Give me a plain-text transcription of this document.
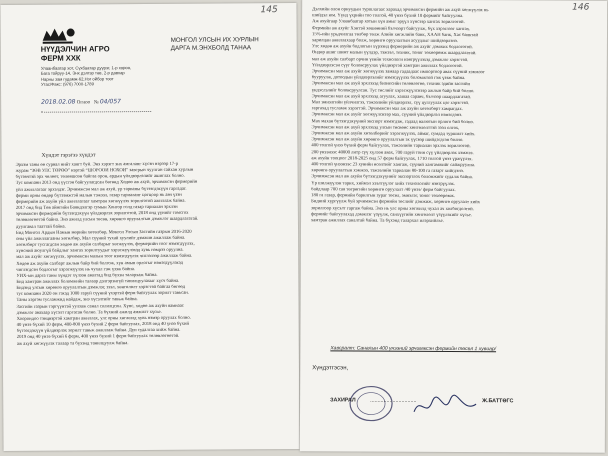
145
НҮҮДЭЛЧИН АГРО
ФЕРМ ХХК
Улаанбаатар хот, Сүхбаатар дүүрэг, 1-р хороо,
Бага тойруу-14, Энх дэлгэр төв, 2-р давхар
Нарны зам гудамж-62,Нэг ойбор тоот
Утас/Факс: (976) 7000-1789
2018.02.08 Огноо № 04/057
МОНГОЛ УЛСЫН ИХ ХУРЛЫН
ДАРГА М.ЭНХБОЛД ТАНАА
Хүндэт гэрэгээ хүндэт
Эрхэм таны өө сурвал нийт хаягт буй. Энэ хэрэгт энх амгаланг хүсэн нэрээр 17-р
журам “ЗӨВ УЛС ТӨРӨӨ” нэртэй “ШОРООЙ НОХОЙ” завсрын чуулган сайхан хурлын
бүтэвчтэй эрх чөлөөт, төлөвшсөн байгаа орон, ардын үйлдвэрлэлийг ашиглах болно.
Тус компани 2013 онд үүсгэн байгуулагдсан бөгөөд Хөдөө аж ахуй, эрчимжсэн фермерийн
үйл ажиллагааг эрхэлдэг. Эрчимжсэн мал аж ахуй, үр тарианы бүтээгдэхүүн гаргадаг.
ферми орны өндөр бүтээмжтэй малын тэжээл, газар тариаланг цогцоор нь авч үзэн
фермерийн аж ахуйн үйл ажиллагааг хамтран хөгжүүлэх зорилготой ажиллаж байна.
2017 онд бид Төв аймгийн Баяндэлгэр сумын Хонгор голд газар тариалан эрхлэн
эрчимжсэн фермерийн бүтээгдэхүүн үйлдвэрлэх зорилготой, 2018 онд үүнийг томсгох
төлөвлөгөөтэй байна. Энэ ажилд улсын төсөв, хөрөнгө оруулалтын дэмжлэг шаардлагатай.
дуулгавал тааттай байна.
Бид Монгол Ардын Намын мөрийн хөтөлбөр, Монгол Улсын Засгийн газрын 2016-2020
оны үйл ажиллагааны хөтөлбөр, Мал сүүний тухай хуулийг дэмжин ажиллаж байна.
хөтөлбөрт тусгагдсан хөдөө аж ахуйн салбарыг хөгжүүлэх, фермерийн тоог нэмэгдүүлэх,
хүнсний аюулгүй байдлыг хангах зорилтуудыг хэрэгжүүлэхэд хувь нэмрээ оруулна.
мал аж ахуйг хөгжүүлэх, эрчимжсэн малын тоог нэмэгдүүлэх чиглэлээр ажиллаж байна.
Хөдөө аж ахуйн салбарт ажлын байр бий болгож, хүн амын орлогыг нэмэгдүүлэхэд
чиглэгдсэн бодлогыг хэрэгжүүлэх нь чухал гэж үзэж байна.
УИХ-ын дарга таны хүндэт хүлээн авалтад бид бүхэн талархаж байна.
Бид хамтран ажиллах боломжийн талаар дэлгэрэнгүй танилцуулахыг хүсч байна.
Бидэнд улсын хөрөнгө оруулалтын дэмжлэг, зээл, хөнгөлөлт хэрэгтэй байгаа бөгөөд
тус компани 2020 он гэхэд 1000 гаруй сүүний үхэртэй ферм байгуулах зорилт тавьсан.
Таны хэргэм тусламжид найдаж, энэ хүсэлтийг тавьж байна.
Засгийн газрын тэргүүнтэй уулзаж санал солилцсон. Хүнс, хөдөө аж ахуйн яамнаас
дэмжлэг авахаар хүсэлт гаргасан болно. Та бүхний ажилд амжилт хүсье.
Хоорондоо тэнцвэртэй хамтран ажиллах, улс орны хөгжилд хувь нэмэр оруулах болно.
40 үнээ бүхий 10 ферм, 400-800 үнээ бүхий 2 ферм байгуулах, 2018 онд 40 үнээ бүхий
бүтээгдэхүүн үйлдвэрлэх зорилт тавьж ажиллаж байна. Дүн судалгаа хийж байна.
2019 онд 40 үнээ бүхий 6 ферм, 400 үнээ бүхий 1 ферм байгуулах төлөвлөгөөтэй.
аж ахуй хөгжүүлэх талаар та бүхэнд танилцуулж байна.
146
Дэлхийн олон орнуудын туршлагаас харахад эрчимжсэн фермийн аж ахуй хөгжүүлэх нь
шийдэл юм. Үүнд үхрийн тоо толгой, 40 үнээ бүхий 10 фермийг байгуулна.
Аж ахуйгаар Улаанбаатар хотын хүн амыг эрүүл хүнсээр хангах зорилготой.
Фермийн аж ахуйг Хэнтэй хөшөөний бэлчээрт байгуулж, бүх хэрэглээг хангах.
15%-ийн урьдчилгаа төлбөр төлж Азийн хөгжлийн банк, ХААН банк, Хас банктай
харилцан ажиллахаар болж, хөрөнгө оруулалтын асуудлыг шийдвэрлэнэ.
Улс хөдөө аж ахуйн бодлогын хүрээнд фермерийн аж ахуйг дэмжих бодлоготой.
Өндөр ашиг шимт малын үүлдэр, тэжээл, техник, тоног төхөөрөмж шаардлагатай.
мал аж ахуйн салбарт орчин үеийн технологи нэвтрүүлэхэд дэмжлэг хэрэгтэй.
Үйлдвэрлэсэн сүүг боловсруулах үйлдвэртэй хамтран ажиллах бодлоготой.
Эрчимжсэн мал аж ахуйг хөгжүүлэх замаар гадаадаас импортоор авах сүүний хэмжээг
бууруулж, дотоодын үйлдвэрлэлийг нэмэгдүүлэх боломжтой гэж үзэж байна.
Эрчимжсэн мал аж ахуй эрхлэхэд бизнесийн төлөвлөгөө, техник эдийн засгийн
үндэслэлийг боловсруулсан. Тус төслийг хэрэгжүүлснээр ажлын байр бий болно.
Эрчимжсэн мал аж ахуй эрхлэхэд агуулах, хашаа саравч, бэлчээр шаардлагатай.
Мал эмнэлгийн үйлчилгээ, тэжээлийн үйлдвэрлэл, сүү цуглуулах цэг хэрэгтэй.
гаргахад тусламж хэрэгтэй. Эрчимжсэн мал аж ахуйн хөтөлбөрт хамрагдах.
Эрчимжсэн мал аж ахуйг хөгжүүлснээр мах, сүүний үйлдвэрлэл нэмэгдэнэ.
Мах махан бүтээгдэхүүний экспорт нэмэгдэж, гадаад валютын орлого бий болно.
Эрчимжсэн мал аж ахуй эрхлэхэд улсын төсвөөс хөнгөлөлттэй зээл олгох,
Эрчимжсэн мал аж ахуйн хөтөлбөрийг хэрэгжүүлэх, аймаг, сумдад туршилт хийх.
Эрчимжсэн мал аж ахуйн хөрөнгө оруулалтын эх үүсвэр шийдэгдсэн болно.
400 толгой үнээ бүхий ферм байгуулах, тэжээлийн тариалан эрхлэх зорилготой.
200 үнээнээс 40000 литр сүү хүлээн авах, 700 гаруй тонн сүү үйлдвэрлэх хэмжээ.
аж ахуйн тооцоог 2018-2025 онд 57 ферм байгуулах, 1710 толгой үнээ үржүүлэх.
400 толгой үнээнээс 23 хувийн өсөлтийг хангаж, сүүний хангамжийг сайжруулна.
хөрөнгө оруулалтын хэмжээ, тэжээлийн тариалан 80-100 га газарт хийгдэнэ.
Эрчимжсэн мал аж ахуйн бүтээгдэхүүнийг экспортлох боломжийг судалж байна.
Үр шилжүүлэн тарих, хиймэл хээлтүүлэг хийх технологийг нэвтрүүлэх.
байдлаар 700 сая төгрөгийн хөрөнгө оруулалт /40 үнээ/ ферм байгуулах.
180 га газар, фермийн барилгын зураг төсөл, эмнэлэг, тоног төхөөрөмж.
Бидний хүргүүлж буй эрчимжсэн фермийн төслийг дэмжиж, хөрөнгө оруулалт хийх
зорилгоор хүсэлт гаргаж байна. Энэ нь улс орны хөгжилд чухал ач холбогдолтой.
фермийг байгуулахад дэмжлэг үзүүлж, санхүүгийн хөнгөлөлт үзүүлэхийг хүсье.
хамтран ажиллах саналтай байна. Та бүхэнд талархал илэрхийлье.
Хавсралт: Саналын 400 үнээний эрчимжсэн фермийн төсөл 1 хувиар/
Хүндэтгэсэн,
ЗАХИРАЛ	...............................	Ж.БАТТӨГС
